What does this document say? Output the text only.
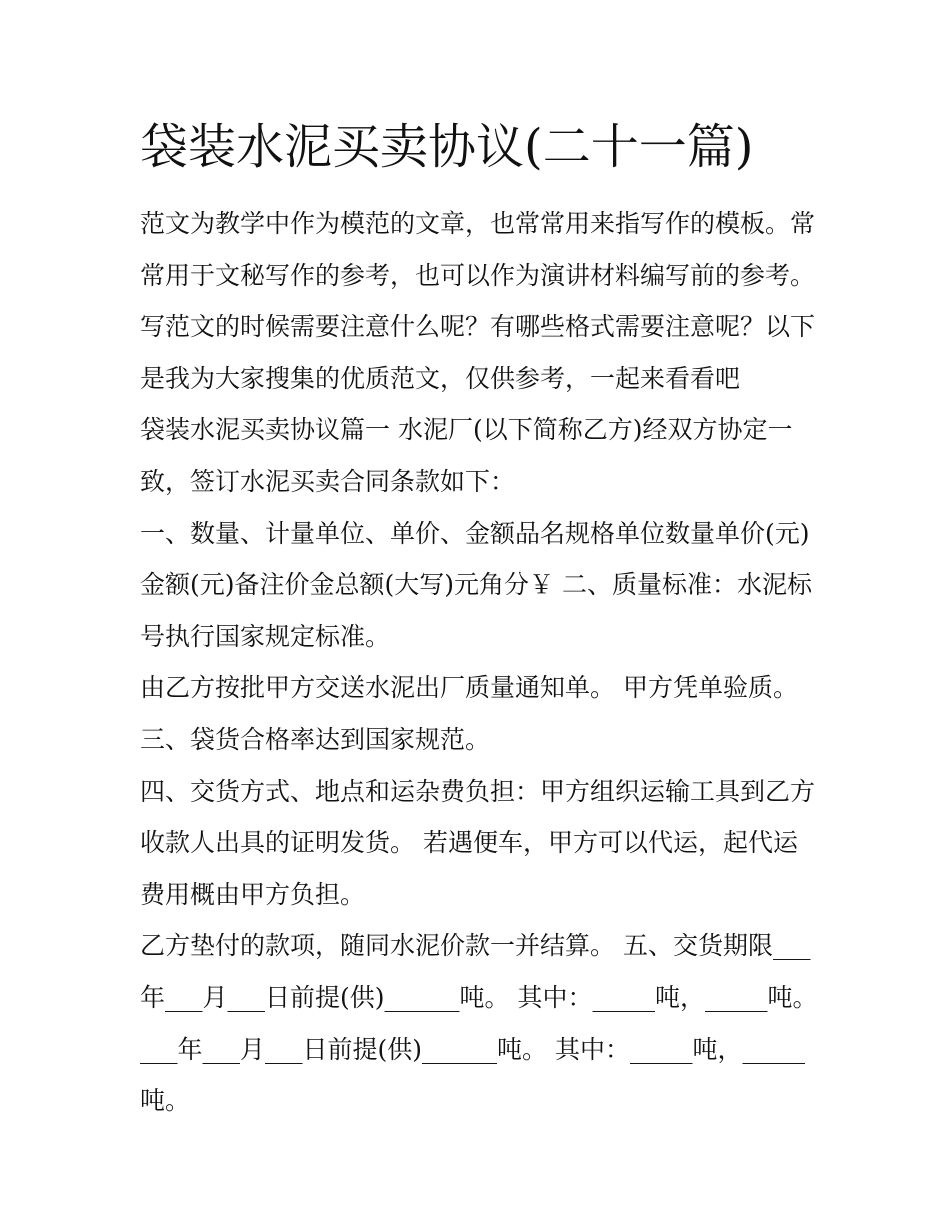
袋装水泥买卖协议(二十一篇)
范文为教学中作为模范的文章，也常常用来指写作的模板。常
常用于文秘写作的参考，也可以作为演讲材料编写前的参考。
写范文的时候需要注意什么呢？有哪些格式需要注意呢？以下
是我为大家搜集的优质范文，仅供参考，一起来看看吧
袋装水泥买卖协议篇一 水泥厂(以下简称乙方)经双方协定一
致，签订水泥买卖合同条款如下：
一、数量、计量单位、单价、金额品名规格单位数量单价(元)
金额(元)备注价金总额(大写)元角分￥ 二、质量标准：水泥标
号执行国家规定标准。
由乙方按批甲方交送水泥出厂质量通知单。 甲方凭单验质。
三、袋货合格率达到国家规范。
四、交货方式、地点和运杂费负担：甲方组织运输工具到乙方
收款人出具的证明发货。 若遇便车，甲方可以代运，起代运
费用概由甲方负担。
乙方垫付的款项，随同水泥价款一并结算。 五、交货期限___
年___月___日前提(供)______吨。 其中：_____吨，_____吨。
___年___月___日前提(供)______吨。 其中：_____吨，_____
吨。
